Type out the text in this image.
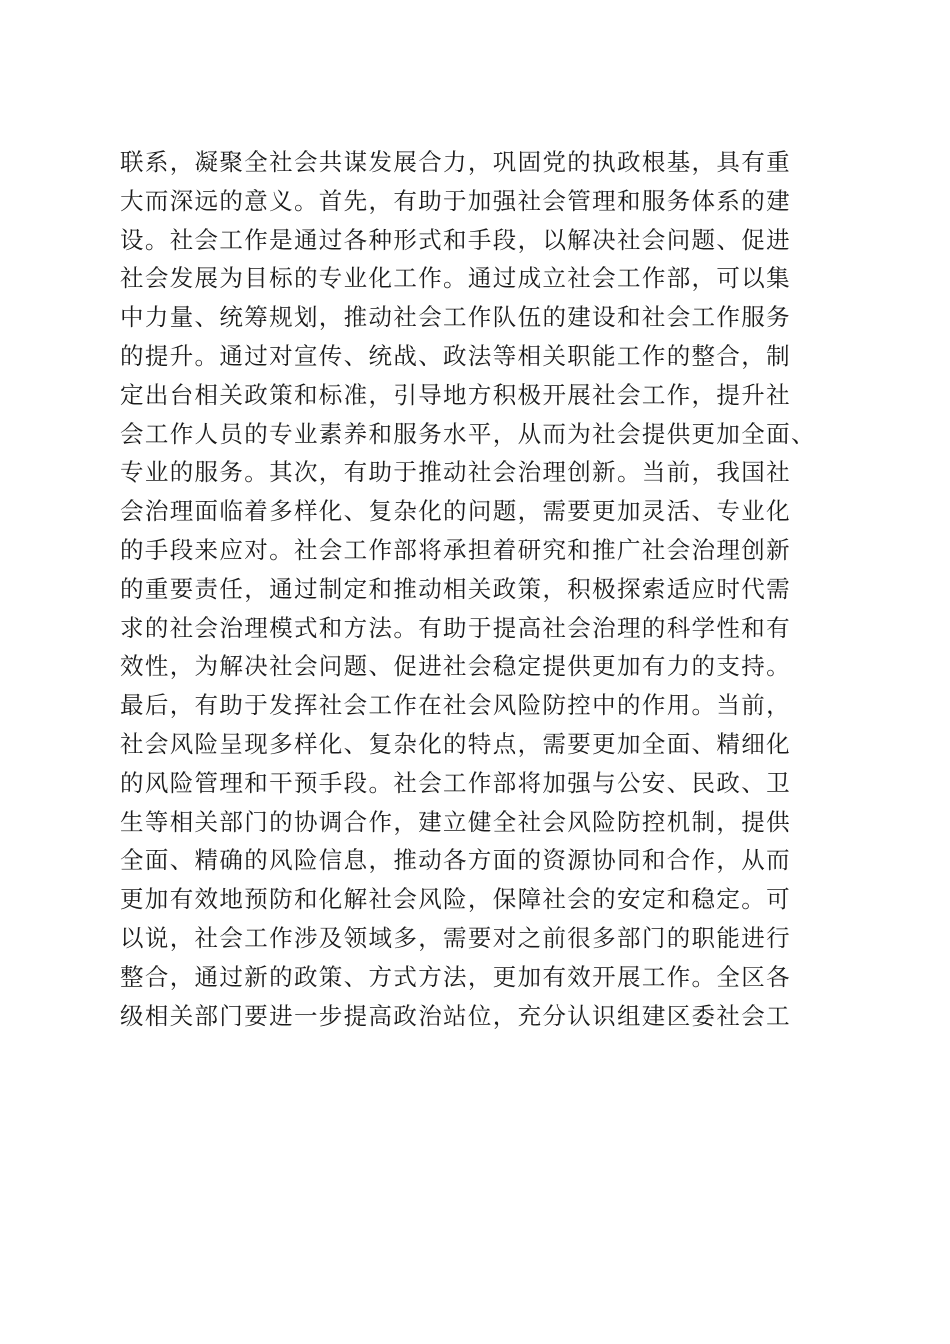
联系，凝聚全社会共谋发展合力，巩固党的执政根基，具有重
大而深远的意义。首先，有助于加强社会管理和服务体系的建
设。社会工作是通过各种形式和手段，以解决社会问题、促进
社会发展为目标的专业化工作。通过成立社会工作部，可以集
中力量、统筹规划，推动社会工作队伍的建设和社会工作服务
的提升。通过对宣传、统战、政法等相关职能工作的整合，制
定出台相关政策和标准，引导地方积极开展社会工作，提升社
会工作人员的专业素养和服务水平，从而为社会提供更加全面、
专业的服务。其次，有助于推动社会治理创新。当前，我国社
会治理面临着多样化、复杂化的问题，需要更加灵活、专业化
的手段来应对。社会工作部将承担着研究和推广社会治理创新
的重要责任，通过制定和推动相关政策，积极探索适应时代需
求的社会治理模式和方法。有助于提高社会治理的科学性和有
效性，为解决社会问题、促进社会稳定提供更加有力的支持。
最后，有助于发挥社会工作在社会风险防控中的作用。当前，
社会风险呈现多样化、复杂化的特点，需要更加全面、精细化
的风险管理和干预手段。社会工作部将加强与公安、民政、卫
生等相关部门的协调合作，建立健全社会风险防控机制，提供
全面、精确的风险信息，推动各方面的资源协同和合作，从而
更加有效地预防和化解社会风险，保障社会的安定和稳定。可
以说，社会工作涉及领域多，需要对之前很多部门的职能进行
整合，通过新的政策、方式方法，更加有效开展工作。全区各
级相关部门要进一步提高政治站位，充分认识组建区委社会工
